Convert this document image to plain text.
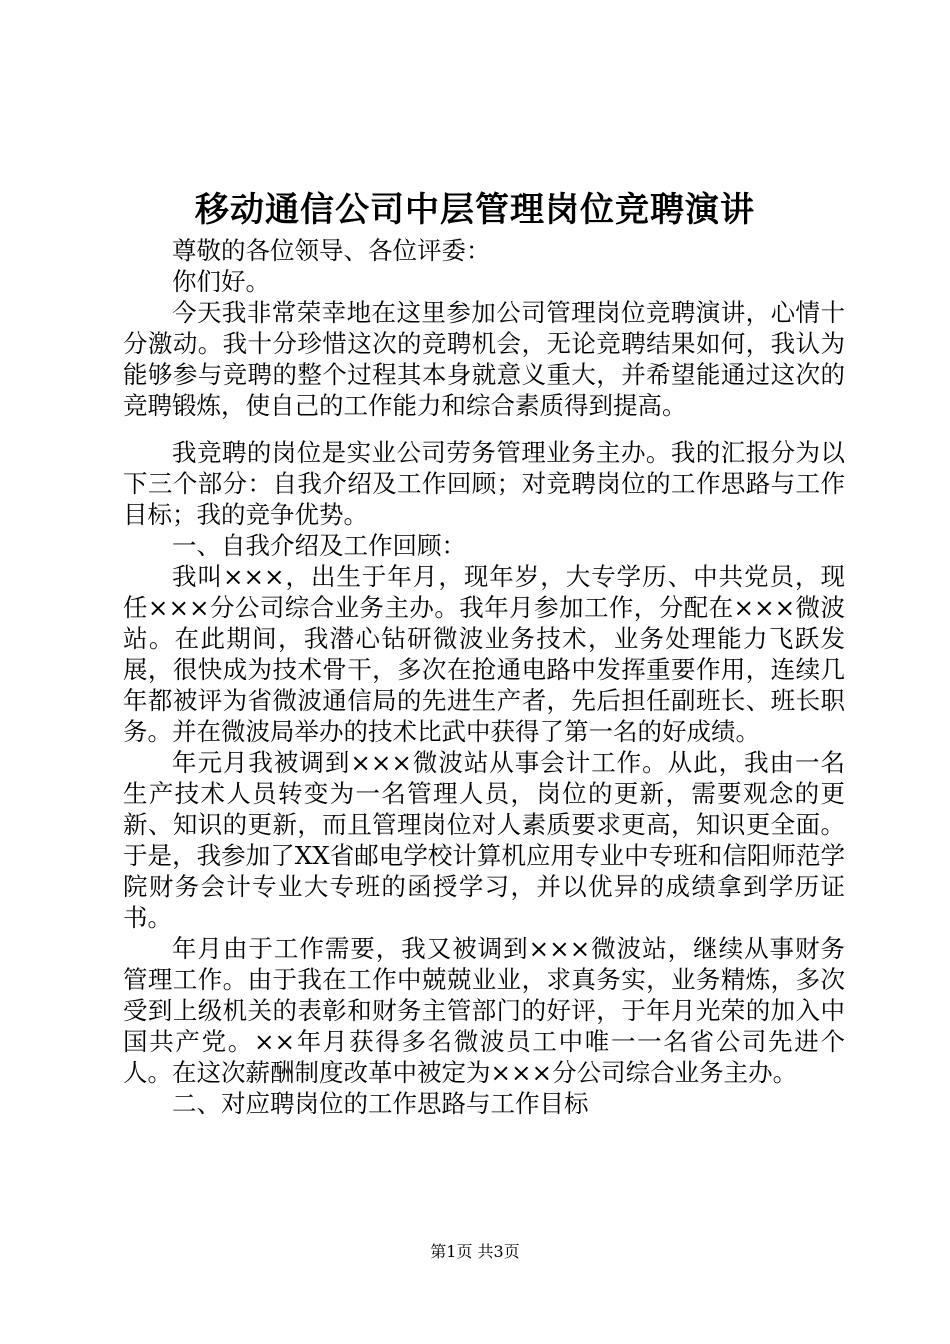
移动通信公司中层管理岗位竞聘演讲

尊敬的各位领导、各位评委：

你们好。

今天我非常荣幸地在这里参加公司管理岗位竞聘演讲，心情十分激动。我十分珍惜这次的竞聘机会，无论竞聘结果如何，我认为能够参与竞聘的整个过程其本身就意义重大，并希望能通过这次的竞聘锻炼，使自己的工作能力和综合素质得到提高。

我竞聘的岗位是实业公司劳务管理业务主办。我的汇报分为以下三个部分：自我介绍及工作回顾；对竞聘岗位的工作思路与工作目标；我的竞争优势。

一、自我介绍及工作回顾：

我叫×××，出生于年月，现年岁，大专学历、中共党员，现任×××分公司综合业务主办。我年月参加工作，分配在×××微波站。在此期间，我潜心钻研微波业务技术，业务处理能力飞跃发展，很快成为技术骨干，多次在抢通电路中发挥重要作用，连续几年都被评为省微波通信局的先进生产者，先后担任副班长、班长职务。并在微波局举办的技术比武中获得了第一名的好成绩。

年元月我被调到×××微波站从事会计工作。从此，我由一名生产技术人员转变为一名管理人员，岗位的更新，需要观念的更新、知识的更新，而且管理岗位对人素质要求更高，知识更全面。于是，我参加了XX省邮电学校计算机应用专业中专班和信阳师范学院财务会计专业大专班的函授学习，并以优异的成绩拿到学历证书。

年月由于工作需要，我又被调到×××微波站，继续从事财务管理工作。由于我在工作中兢兢业业，求真务实，业务精炼，多次受到上级机关的表彰和财务主管部门的好评，于年月光荣的加入中国共产党。××年月获得多名微波员工中唯一一名省公司先进个人。在这次薪酬制度改革中被定为×××分公司综合业务主办。

二、对应聘岗位的工作思路与工作目标

第1页 共3页
